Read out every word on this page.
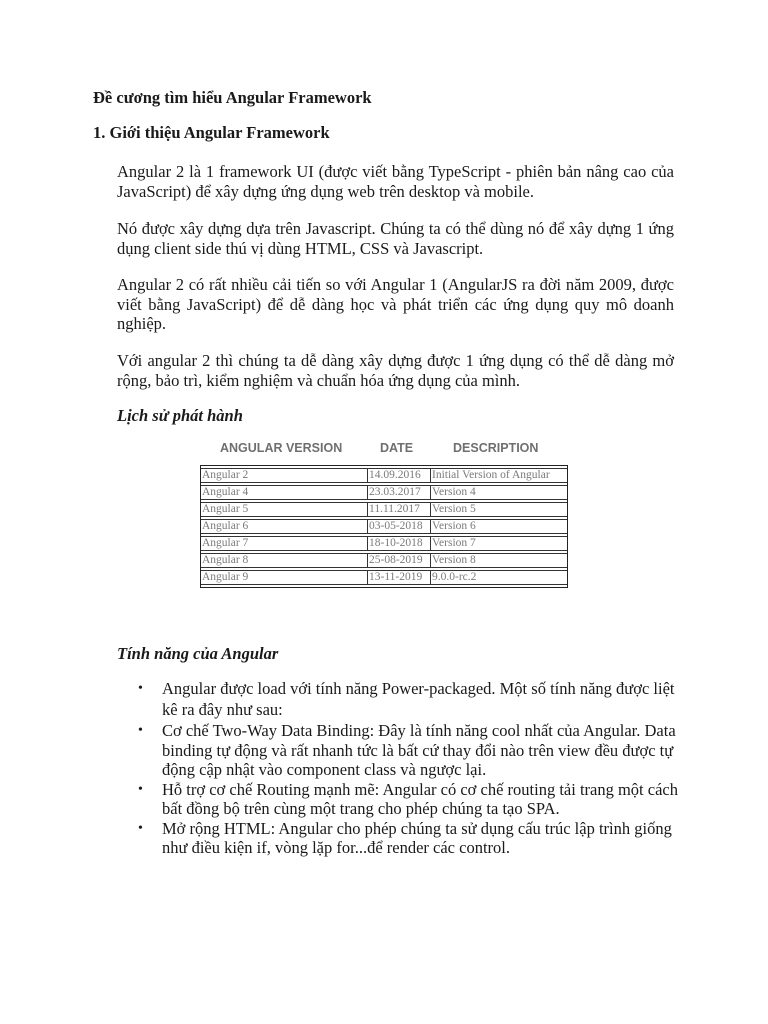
Đề cương tìm hiểu Angular Framework
1. Giới thiệu Angular Framework

Angular 2 là 1 framework UI (được viết bằng TypeScript - phiên bản nâng cao của JavaScript) để xây dựng ứng dụng web trên desktop và mobile.

Nó được xây dựng dựa trên Javascript. Chúng ta có thể dùng nó để xây dựng 1 ứng dụng client side thú vị dùng HTML, CSS và Javascript.

Angular 2 có rất nhiều cải tiến so với Angular 1 (AngularJS ra đời năm 2009, được viết bằng JavaScript) để dễ dàng học và phát triển các ứng dụng quy mô doanh nghiệp.

Với angular 2 thì chúng ta dễ dàng xây dựng được 1 ứng dụng có thể dễ dàng mở rộng, bảo trì, kiểm nghiệm và chuẩn hóa ứng dụng của mình.

Lịch sử phát hành
ANGULAR VERSION	DATE	DESCRIPTION
Angular 2	14.09.2016	Initial Version of Angular
Angular 4	23.03.2017	Version 4
Angular 5	11.11.2017	Version 5
Angular 6	03-05-2018	Version 6
Angular 7	18-10-2018	Version 7
Angular 8	25-08-2019	Version 8
Angular 9	13-11-2019	9.0.0-rc.2
Tính năng của Angular
• Angular được load với tính năng Power-packaged. Một số tính năng được liệt kê ra đây như sau:
• Cơ chế Two-Way Data Binding: Đây là tính năng cool nhất của Angular. Data binding tự động và rất nhanh tức là bất cứ thay đổi nào trên view đều được tự động cập nhật vào component class và ngược lại.
• Hỗ trợ cơ chế Routing mạnh mẽ: Angular có cơ chế routing tải trang một cách bất đồng bộ trên cùng một trang cho phép chúng ta tạo SPA.
• Mở rộng HTML: Angular cho phép chúng ta sử dụng cấu trúc lập trình giống như điều kiện if, vòng lặp for...để render các control.
